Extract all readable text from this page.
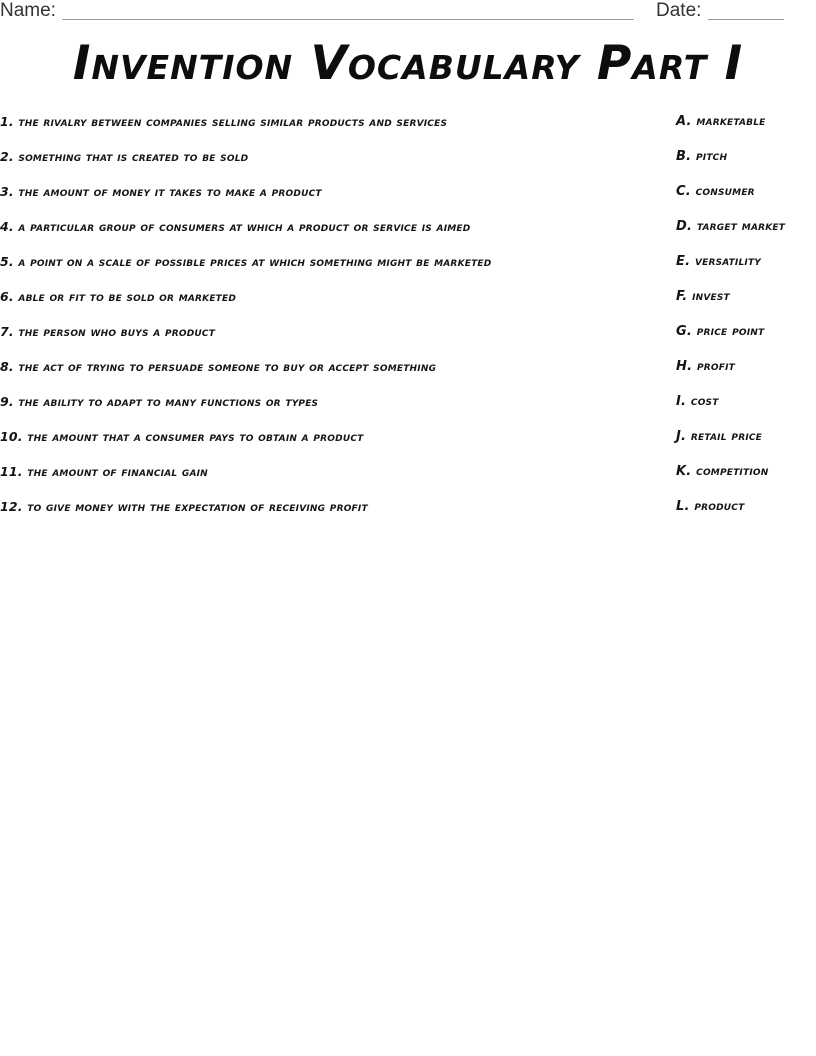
Name:	Date:
Invention Vocabulary Part I
1. the rivalry between companies selling similar products and services
2. something that is created to be sold
3. the amount of money it takes to make a product
4. a particular group of consumers at which a product or service is aimed
5. a point on a scale of possible prices at which something might be marketed
6. able or fit to be sold or marketed
7. the person who buys a product
8. the act of trying to persuade someone to buy or accept something
9. the ability to adapt to many functions or types
10. the amount that a consumer pays to obtain a product
11. the amount of financial gain
12. to give money with the expectation of receiving profit
A. marketable
B. pitch
C. consumer
D. target market
E. versatility
F. invest
G. price point
H. profit
I. cost
J. retail price
K. competition
L. product
